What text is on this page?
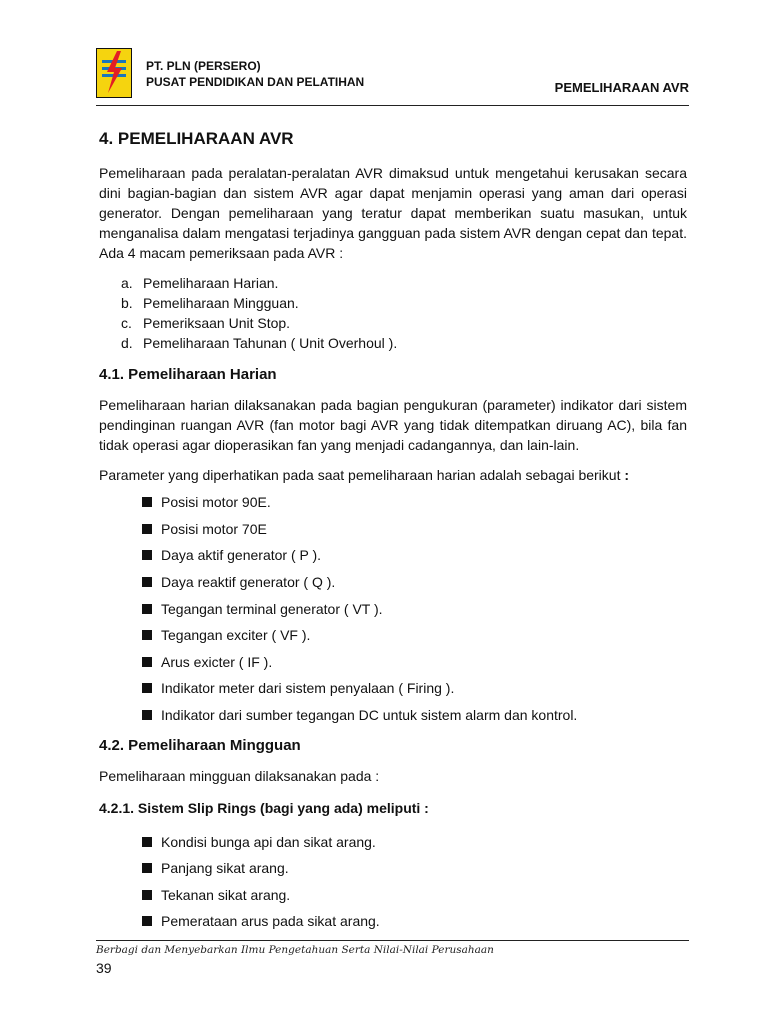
PT. PLN (PERSERO)
PUSAT PENDIDIKAN DAN PELATIHAN	PEMELIHARAAN AVR
4. PEMELIHARAAN AVR

Pemeliharaan pada peralatan-peralatan AVR dimaksud untuk mengetahui kerusakan secara dini bagian-bagian dan sistem AVR agar dapat menjamin operasi yang aman dari operasi generator. Dengan pemeliharaan yang teratur dapat memberikan suatu masukan, untuk menganalisa dalam mengatasi terjadinya gangguan pada sistem AVR dengan cepat dan tepat. Ada 4 macam pemeriksaan pada AVR :

a. Pemeliharaan Harian.
b. Pemeliharaan Mingguan.
c. Pemeriksaan Unit Stop.
d. Pemeliharaan Tahunan ( Unit Overhoul ).
4.1. Pemeliharaan Harian

Pemeliharaan harian dilaksanakan pada bagian pengukuran (parameter) indikator dari sistem pendinginan ruangan AVR (fan motor bagi AVR yang tidak ditempatkan diruang AC), bila fan tidak operasi agar dioperasikan fan yang menjadi cadangannya, dan lain-lain.

Parameter yang diperhatikan pada saat pemeliharaan harian adalah sebagai berikut :

Posisi motor 90E.
Posisi motor 70E
Daya aktif generator ( P ).
Daya reaktif generator ( Q ).
Tegangan terminal generator ( VT ).
Tegangan exciter ( VF ).
Arus exicter ( IF ).
Indikator meter dari sistem penyalaan ( Firing ).
Indikator dari sumber tegangan DC untuk sistem alarm dan kontrol.
4.2. Pemeliharaan Mingguan

Pemeliharaan mingguan dilaksanakan pada :

4.2.1. Sistem Slip Rings (bagi yang ada) meliputi :
Kondisi bunga api dan sikat arang.
Panjang sikat arang.
Tekanan sikat arang.
Pemerataan arus pada sikat arang.
Berbagi dan Menyebarkan Ilmu Pengetahuan Serta Nilai-Nilai Perusahaan
39
